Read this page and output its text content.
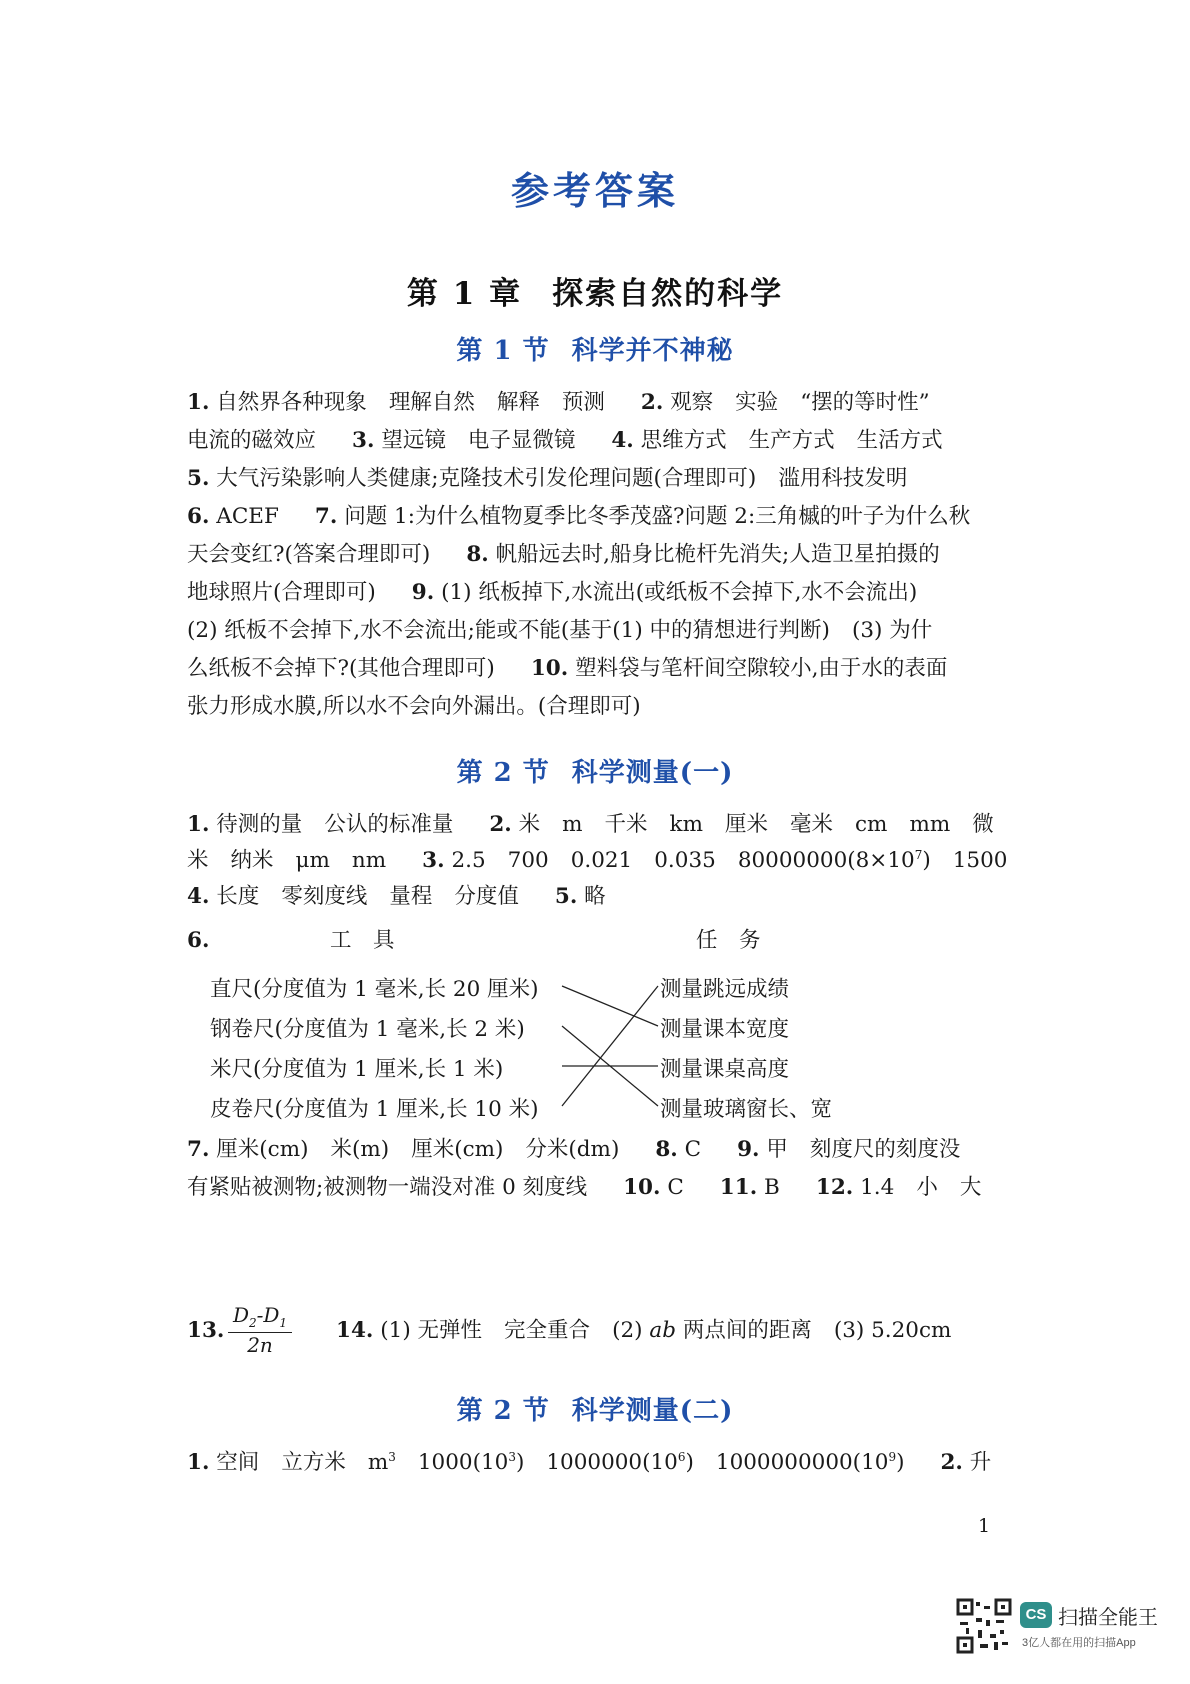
参考答案
第 1 章 探索自然的科学
第 1 节 科学并不神秘
1. 自然界各种现象 理解自然 解释 预测 2. 观察 实验 “摆的等时性”
电流的磁效应 3. 望远镜 电子显微镜 4. 思维方式 生产方式 生活方式
5. 大气污染影响人类健康;克隆技术引发伦理问题(合理即可) 滥用科技发明
6. ACEF 7. 问题 1:为什么植物夏季比冬季茂盛?问题 2:三角槭的叶子为什么秋
天会变红?(答案合理即可) 8. 帆船远去时,船身比桅杆先消失;人造卫星拍摄的
地球照片(合理即可) 9. (1) 纸板掉下,水流出(或纸板不会掉下,水不会流出)
(2) 纸板不会掉下,水不会流出;能或不能(基于(1) 中的猜想进行判断) (3) 为什
么纸板不会掉下?(其他合理即可) 10. 塑料袋与笔杆间空隙较小,由于水的表面
张力形成水膜,所以水不会向外漏出。(合理即可)
第 2 节 科学测量(一)
1. 待测的量 公认的标准量 2. 米 m 千米 km 厘米 毫米 cm mm 微
米 纳米 μm nm 3. 2.5 700 0.021 0.035 $80000000(8\times 10^7)$ 1500
4. 长度 零刻度线 量程 分度值 5. 略
6.	工　具	任　务
直尺(分度值为 1 毫米,长 20 厘米)
钢卷尺(分度值为 1 毫米,长 2 米)
米尺(分度值为 1 厘米,长 1 米)
皮卷尺(分度值为 1 厘米,长 10 米)
测量跳远成绩
测量课本宽度
测量课桌高度
测量玻璃窗长、宽
7. 厘米(cm) 米(m) 厘米(cm) 分米(dm) 8. C 9. 甲 刻度尺的刻度没
有紧贴被测物;被测物一端没对准 0 刻度线 10. C 11. B 12. 1.4 小 大
13. $\frac{D_2-D_1}{2n} 14$. (1) 无弹性 完全重合 (2) ab 两点间的距离 (3) 5.20cm
第 2 节 科学测量(二)
1. 空间 立方米 $m^3$ $1000(10^3)$ $1000000(10^6)$ $1000000000(10^9)$ 2. 升
1
CS 扫描全能王
3亿人都在用的扫描App
